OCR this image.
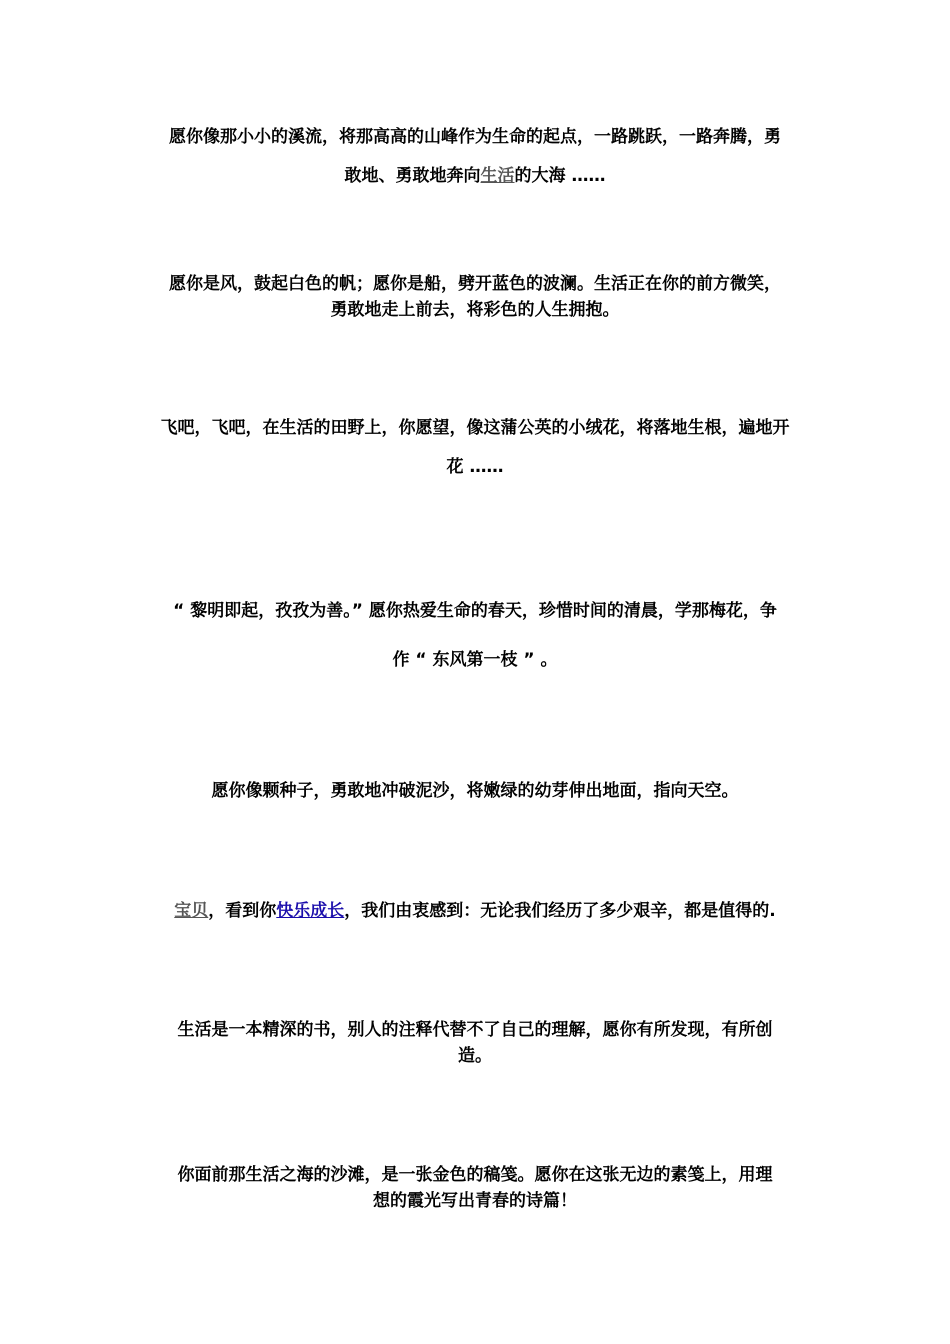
愿你像那小小的溪流，将那高高的山峰作为生命的起点，一路跳跃，一路奔腾，勇
敢地、勇敢地奔向生活的大海 ……
愿你是风，鼓起白色的帆；愿你是船，劈开蓝色的波澜。生活正在你的前方微笑，
勇敢地走上前去，将彩色的人生拥抱。
飞吧，飞吧，在生活的田野上，你愿望，像这蒲公英的小绒花，将落地生根，遍地开
花 ……
“ 黎明即起，孜孜为善。” 愿你热爱生命的春天，珍惜时间的清晨，学那梅花，争
作 “ 东风第一枝 ” 。
愿你像颗种子，勇敢地冲破泥沙，将嫩绿的幼芽伸出地面，指向天空。
宝贝，看到你快乐成长，我们由衷感到：无论我们经历了多少艰辛，都是值得的.
生活是一本精深的书，别人的注释代替不了自己的理解，愿你有所发现，有所创
造。
你面前那生活之海的沙滩，是一张金色的稿笺。愿你在这张无边的素笺上，用理
想的霞光写出青春的诗篇！
